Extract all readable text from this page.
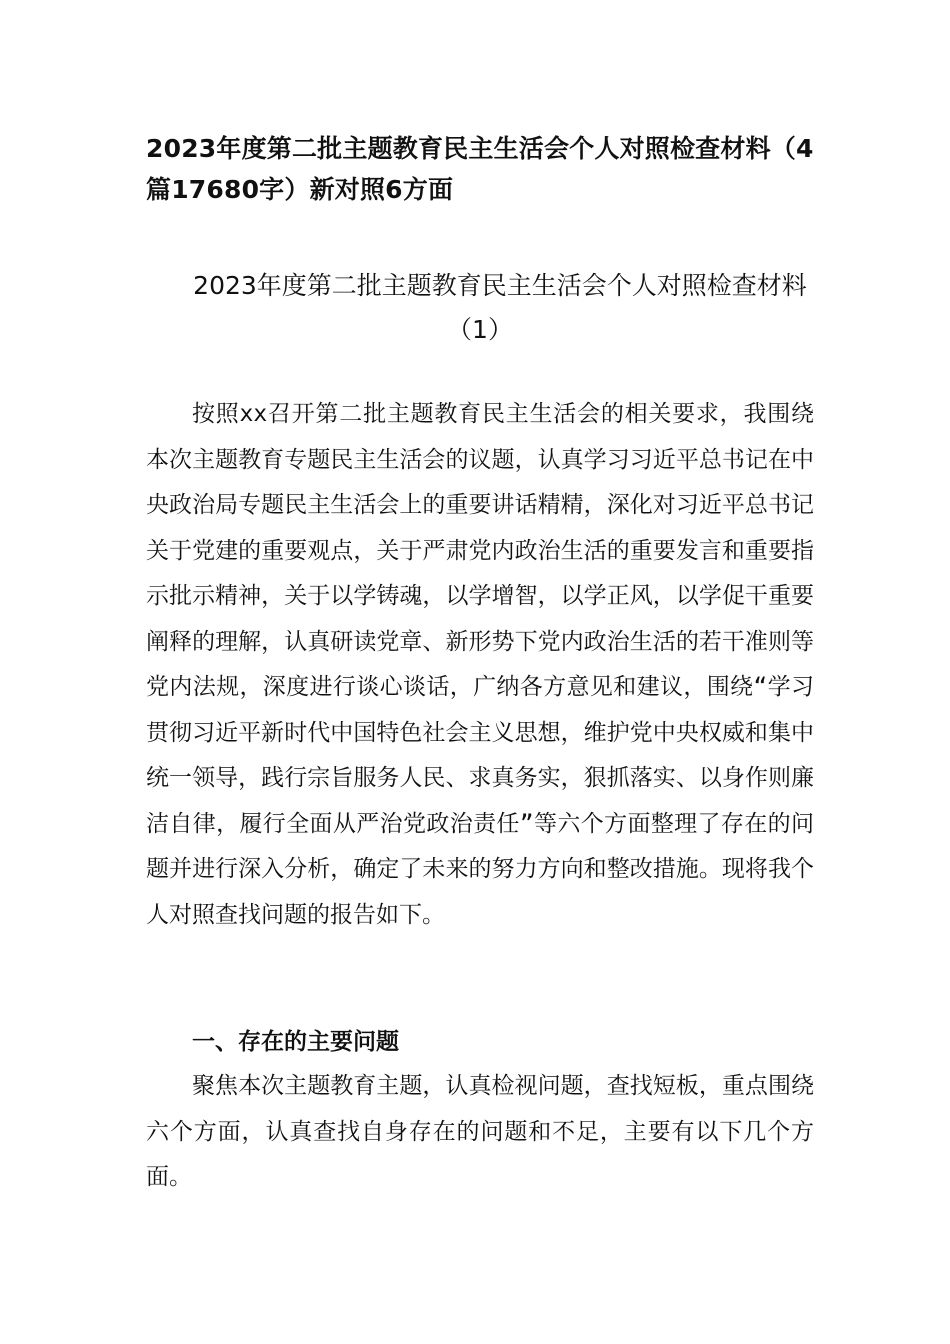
2023年度第二批主题教育民主生活会个人对照检查材料（4篇17680字）新对照6方面
2023年度第二批主题教育民主生活会个人对照检查材料（1）

按照xx召开第二批主题教育民主生活会的相关要求，我围绕本次主题教育专题民主生活会的议题，认真学习习近平总书记在中央政治局专题民主生活会上的重要讲话精精，深化对习近平总书记关于党建的重要观点，关于严肃党内政治生活的重要发言和重要指示批示精神，关于以学铸魂，以学增智，以学正风，以学促干重要阐释的理解，认真研读党章、新形势下党内政治生活的若干准则等党内法规，深度进行谈心谈话，广纳各方意见和建议，围绕“学习贯彻习近平新时代中国特色社会主义思想，维护党中央权威和集中统一领导，践行宗旨服务人民、求真务实，狠抓落实、以身作则廉洁自律，履行全面从严治党政治责任”等六个方面整理了存在的问题并进行深入分析，确定了未来的努力方向和整改措施。现将我个人对照查找问题的报告如下。

一、存在的主要问题

聚焦本次主题教育主题，认真检视问题，查找短板，重点围绕六个方面，认真查找自身存在的问题和不足，主要有以下几个方面。
